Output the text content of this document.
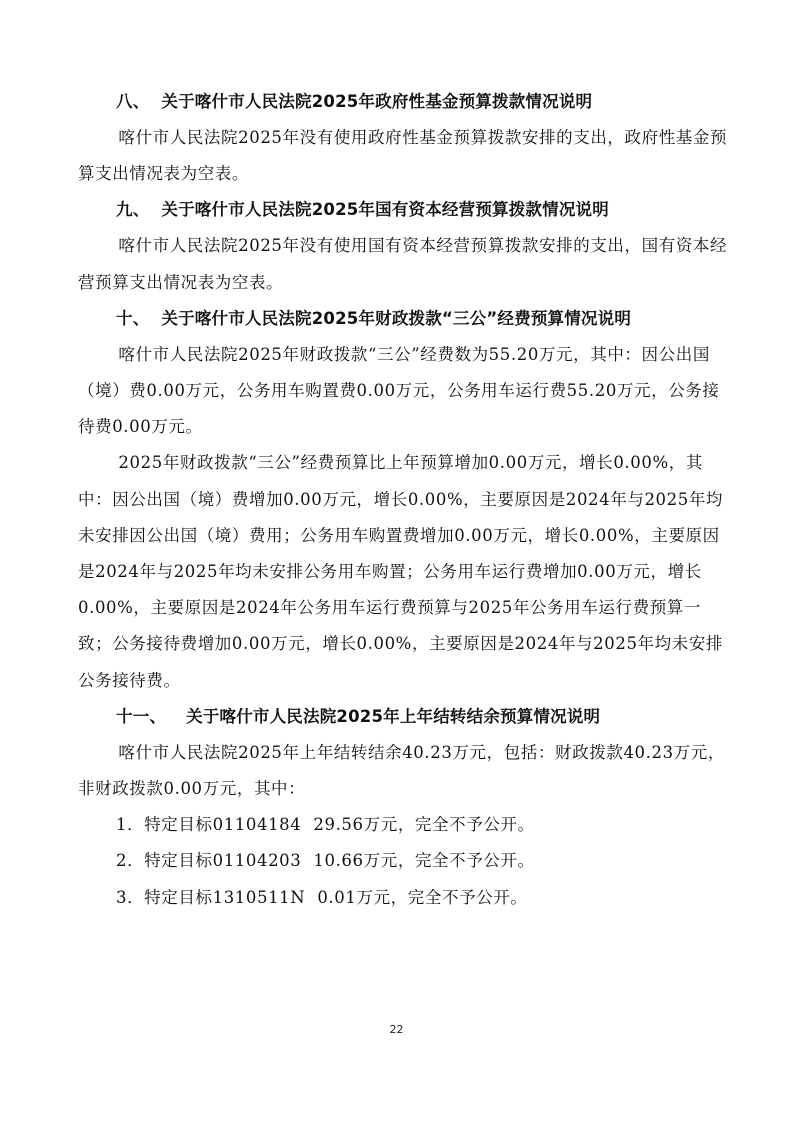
八、 关于喀什市人民法院2025年政府性基金预算拨款情况说明

喀什市人民法院2025年没有使用政府性基金预算拨款安排的支出，政府性基金预算支出情况表为空表。

九、 关于喀什市人民法院2025年国有资本经营预算拨款情况说明

喀什市人民法院2025年没有使用国有资本经营预算拨款安排的支出，国有资本经营预算支出情况表为空表。

十、 关于喀什市人民法院2025年财政拨款“三公”经费预算情况说明

喀什市人民法院2025年财政拨款“三公”经费数为55.20万元，其中：因公出国（境）费0.00万元，公务用车购置费0.00万元，公务用车运行费55.20万元，公务接待费0.00万元。

2025年财政拨款“三公”经费预算比上年预算增加0.00万元，增长0.00%，其中：因公出国（境）费增加0.00万元，增长0.00%，主要原因是2024年与2025年均未安排因公出国（境）费用；公务用车购置费增加0.00万元，增长0.00%，主要原因是2024年与2025年均未安排公务用车购置；公务用车运行费增加0.00万元，增长0.00%，主要原因是2024年公务用车运行费预算与2025年公务用车运行费预算一致；公务接待费增加0.00万元，增长0.00%，主要原因是2024年与2025年均未安排公务接待费。

十一、 关于喀什市人民法院2025年上年结转结余预算情况说明

喀什市人民法院2025年上年结转结余40.23万元，包括：财政拨款40.23万元，非财政拨款0.00万元，其中：

1．特定目标01104184 29.56万元，完全不予公开。
2．特定目标01104203 10.66万元，完全不予公开。
3．特定目标1310511N 0.01万元，完全不予公开。
22
